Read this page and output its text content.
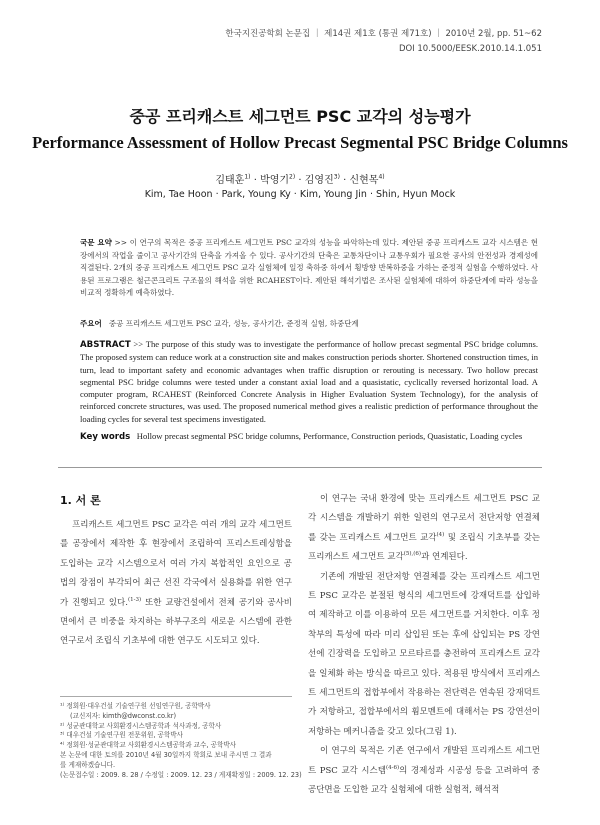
한국지진공학회 논문집 ｜ 제14권 제1호 (통권 제71호) ｜ 2010년 2월, pp. 51~62
DOI 10.5000/EESK.2010.14.1.051
중공 프리캐스트 세그먼트 PSC 교각의 성능평가
Performance Assessment of Hollow Precast Segmental PSC Bridge Columns
김태훈$^{1)}$ · 박영기$^{2)}$ · 김영진$^{3)}$ · 신현목$^{4)}$
Kim, Tae Hoon · Park, Young Ky · Kim, Young Jin · Shin, Hyun Mock
국문 요약 >> 이 연구의 목적은 중공 프리캐스트 세그먼트 PSC 교각의 성능을 파악하는데 있다. 제안된 중공 프리캐스트 교각 시스템은 현장에서의 작업을 줄이고 공사기간의 단축을 가져올 수 있다. 공사기간의 단축은 교통차단이나 교통우회가 필요한 공사의 안전성과 경제성에 직결된다. 2개의 중공 프리캐스트 세그먼트 PSC 교각 실험체에 일정 축하중 하에서 횡방향 반복하중을 가하는 준정적 실험을 수행하였다. 사용된 프로그램은 철근콘크리트 구조물의 해석을 위한 RCAHEST이다. 제안된 해석기법은 조사된 실험체에 대하여 하중단계에 따라 성능을 비교적 정확하게 예측하였다.
주요어 중공 프리캐스트 세그먼트 PSC 교각, 성능, 공사기간, 준정적 실험, 하중단계
ABSTRACT >> The purpose of this study was to investigate the performance of hollow precast segmental PSC bridge columns. The proposed system can reduce work at a construction site and makes construction periods shorter. Shortened construction times, in turn, lead to important safety and economic advantages when traffic disruption or rerouting is necessary. Two hollow precast segmental PSC bridge columns were tested under a constant axial load and a quasistatic, cyclically reversed horizontal load. A computer program, RCAHEST (Reinforced Concrete Analysis in Higher Evaluation System Technology), for the analysis of reinforced concrete structures, was used. The proposed numerical method gives a realistic prediction of performance throughout the loading cycles for several test specimens investigated.
Key words Hollow precast segmental PSC bridge columns, Performance, Construction periods, Quasistatic, Loading cycles
1. 서 론

프리캐스트 세그먼트 PSC 교각은 여러 개의 교각 세그먼트를 공장에서 제작한 후 현장에서 조립하여 프리스트레싱함을 도입하는 교각 시스템으로서 여러 가지 복합적인 요인으로 공법의 장점이 부각되어 최근 선진 각국에서 실용화를 위한 연구가 진행되고 있다.$^{(1-3)}$ 또한 교량건설에서 전체 공기와 공사비 면에서 큰 비중을 차지하는 하부구조의 새로운 시스템에 관한 연구로서 조립식 기초부에 대한 연구도 시도되고 있다.

¹⁾ 정회원·대우건설 기술연구원 선임연구원, 공학박사

(교신저자: kimth@dwconst.co.kr)

²⁾ 성균관대학교 사회환경시스템공학과 석사과정, 공학사

³⁾ 대우건설 기술연구원 전문위원, 공학박사

⁴⁾ 정회원·성균관대학교 사회환경시스템공학과 교수, 공학박사

본 논문에 대한 토의를 2010년 4월 30일까지 학회로 보내 주시면 그 결과

를 게재하겠습니다.

(논문접수일 : 2009. 8. 28 / 수정일 : 2009. 12. 23 / 게재확정일 : 2009. 12. 23)

이 연구는 국내 환경에 맞는 프리캐스트 세그먼트 PSC 교각 시스템을 개발하기 위한 일련의 연구로서 전단저항 연결체를 갖는 프리캐스트 세그먼트 교각$^{(4)}$ 및 조립식 기초부를 갖는 프리캐스트 세그먼트 교각$^{(5),(6)}$과 연계된다.

기존에 개발된 전단저항 연결체를 갖는 프리캐스트 세그먼트 PSC 교각은 분절된 형식의 세그먼트에 강재덕트를 삽입하여 제작하고 이를 이용하여 모든 세그먼트를 거치한다. 이후 정착부의 특성에 따라 미리 삽입된 또는 후에 삽입되는 PS 강연선에 긴장력을 도입하고 모르타르를 충전하여 프리캐스트 교각을 일체화 하는 방식을 따르고 있다. 적용된 방식에서 프리캐스트 세그먼트의 접합부에서 작용하는 전단력은 연속된 강재덕트가 저항하고, 접합부에서의 휨모멘트에 대해서는 PS 강연선이 저항하는 메커니즘을 갖고 있다(그림 1).

이 연구의 목적은 기존 연구에서 개발된 프리캐스트 세그먼트 PSC 교각 시스템$^{(4-6)}$의 경제성과 시공성 등을 고려하여 중공단면을 도입한 교각 실험체에 대한 실험적, 해석적
